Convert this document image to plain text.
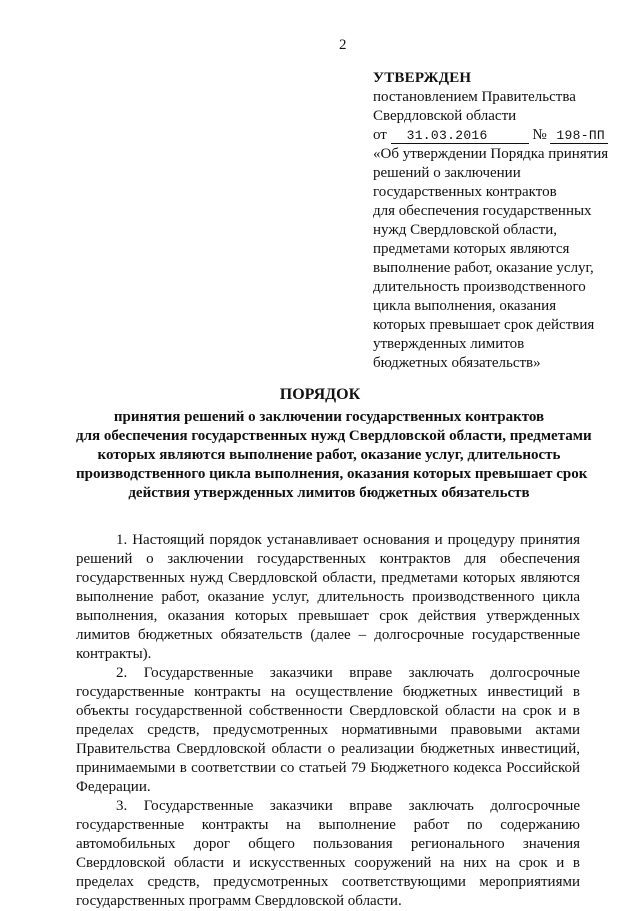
2
УТВЕРЖДЕН
постановлением Правительства
Свердловской области
от 31.03.2016	№ 198-ПП
«Об утверждении Порядка принятия
решений о заключении
государственных контрактов
для обеспечения государственных
нужд Свердловской области,
предметами которых являются
выполнение работ, оказание услуг,
длительность производственного
цикла выполнения, оказания
которых превышает срок действия
утвержденных лимитов
бюджетных обязательств»
ПОРЯДОК
принятия решений о заключении государственных контрактов
для обеспечения государственных нужд Свердловской области, предметами
которых являются выполнение работ, оказание услуг, длительность
производственного цикла выполнения, оказания которых превышает срок
действия утвержденных лимитов бюджетных обязательств

1. Настоящий порядок устанавливает основания и процедуру принятия решений о заключении государственных контрактов для обеспечения государственных нужд Свердловской области, предметами которых являются выполнение работ, оказание услуг, длительность производственного цикла выполнения, оказания которых превышает срок действия утвержденных лимитов бюджетных обязательств (далее – долгосрочные государственные контракты).

2. Государственные заказчики вправе заключать долгосрочные государственные контракты на осуществление бюджетных инвестиций в объекты государственной собственности Свердловской области на срок и в пределах средств, предусмотренных нормативными правовыми актами Правительства Свердловской области о реализации бюджетных инвестиций, принимаемыми в соответствии со статьей 79 Бюджетного кодекса Российской Федерации.

3. Государственные заказчики вправе заключать долгосрочные государственные контракты на выполнение работ по содержанию автомобильных дорог общего пользования регионального значения Свердловской области и искусственных сооружений на них на срок и в пределах средств, предусмотренных соответствующими мероприятиями государственных программ Свердловской области.
